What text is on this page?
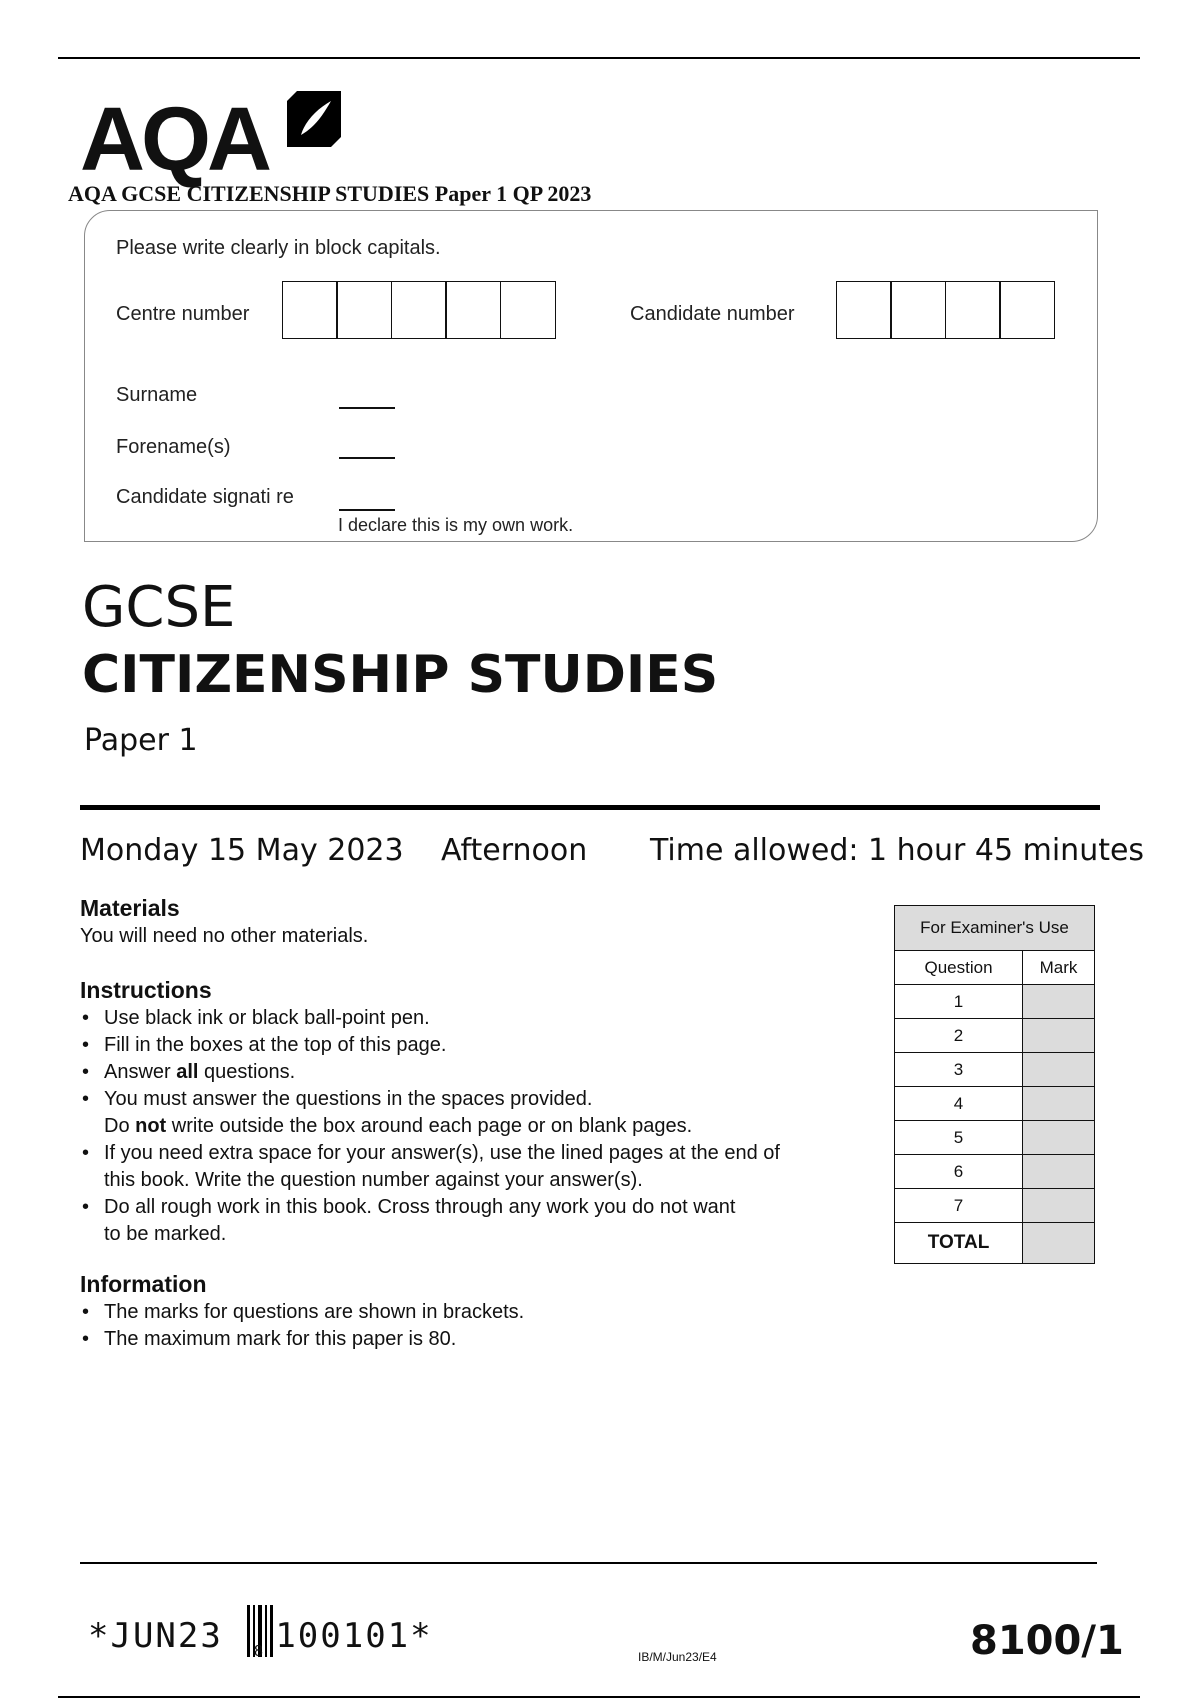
AQA
AQA GCSE CITIZENSHIP STUDIES Paper 1 QP 2023
Please write clearly in block capitals.
Centre number	Candidate number
Surname
Forename(s)
Candidate signati re
I declare this is my own work.
GCSE
CITIZENSHIP STUDIES
Paper 1
Monday 15 May 2023 Afternoon Time allowed: 1 hour 45 minutes
Materials
You will need no other materials.
Instructions
• Use black ink or black ball-point pen.
• Fill in the boxes at the top of this page.
• Answer all questions.
• You must answer the questions in the spaces provided.
Do not write outside the box around each page or on blank pages.
• If you need extra space for your answer(s), use the lined pages at the end of
this book. Write the question number against your answer(s).
• Do all rough work in this book. Cross through any work you do not want
to be marked.
Information
• The marks for questions are shown in brackets.
• The maximum mark for this paper is 80.
For Examiner's Use	
Question	Mark
1	
2	
3	
4	
5	
6	
7	
TOTAL	
*JUN23 100101*
8	IB/M/Jun23/E4	8100/1
